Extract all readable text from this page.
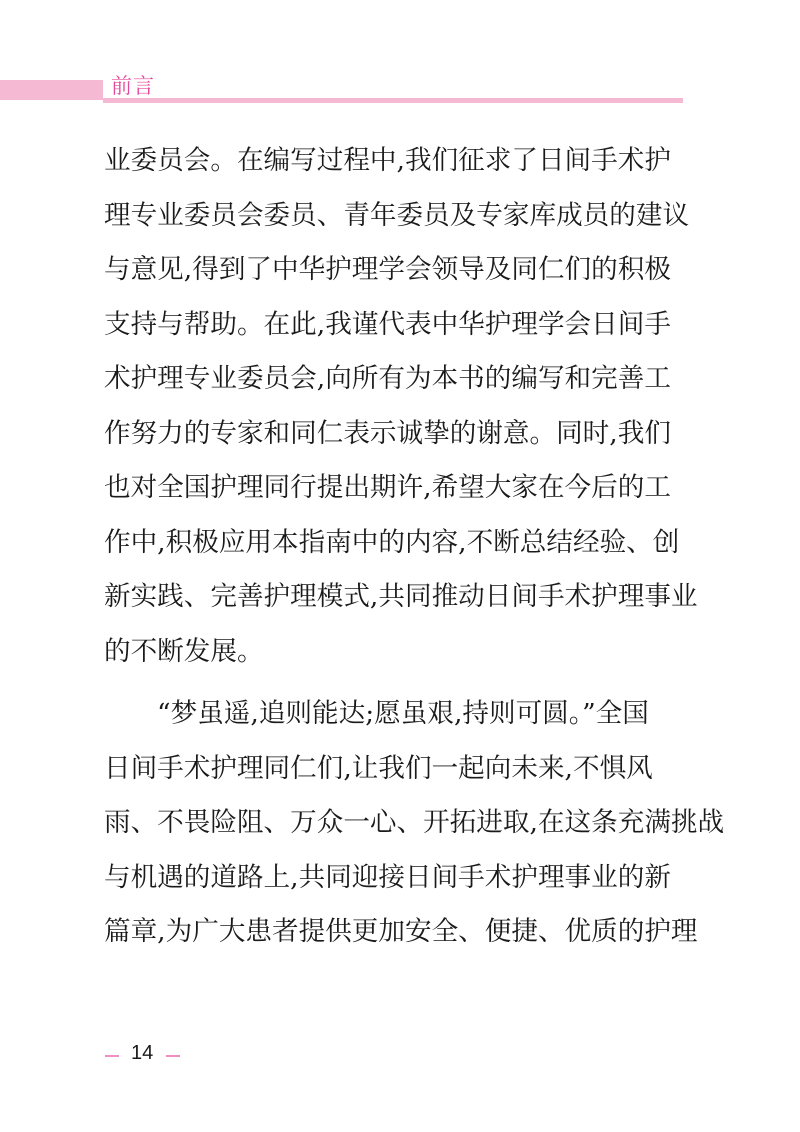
前言
业委员会。在编写过程中,我们征求了日间手术护
理专业委员会委员、青年委员及专家库成员的建议
与意见,得到了中华护理学会领导及同仁们的积极
支持与帮助。在此,我谨代表中华护理学会日间手
术护理专业委员会,向所有为本书的编写和完善工
作努力的专家和同仁表示诚挚的谢意。同时,我们
也对全国护理同行提出期许,希望大家在今后的工
作中,积极应用本指南中的内容,不断总结经验、创
新实践、完善护理模式,共同推动日间手术护理事业
的不断发展。
“梦虽遥,追则能达;愿虽艰,持则可圆。”全国
日间手术护理同仁们,让我们一起向未来,不惧风
雨、不畏险阻、万众一心、开拓进取,在这条充满挑战
与机遇的道路上,共同迎接日间手术护理事业的新
篇章,为广大患者提供更加安全、便捷、优质的护理
14
